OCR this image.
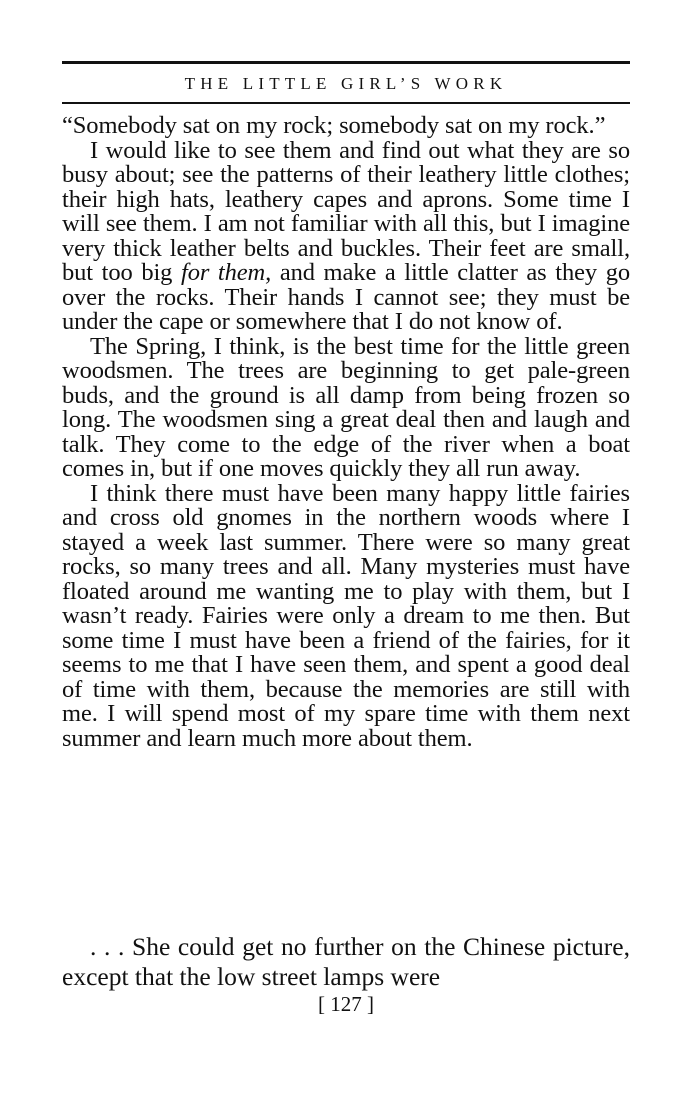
THE LITTLE GIRL’S WORK

“Somebody sat on my rock; somebody sat on my rock.”

I would like to see them and find out what they are so busy about; see the patterns of their leathery little clothes; their high hats, leathery capes and aprons. Some time I will see them. I am not familiar with all this, but I imagine very thick leather belts and buckles. Their feet are small, but too big for them, and make a little clatter as they go over the rocks. Their hands I cannot see; they must be under the cape or somewhere that I do not know of.

The Spring, I think, is the best time for the little green woodsmen. The trees are beginning to get pale-green buds, and the ground is all damp from being frozen so long. The woodsmen sing a great deal then and laugh and talk. They come to the edge of the river when a boat comes in, but if one moves quickly they all run away.

I think there must have been many happy little fairies and cross old gnomes in the northern woods where I stayed a week last summer. There were so many great rocks, so many trees and all. Many mysteries must have floated around me wanting me to play with them, but I wasn’t ready. Fairies were only a dream to me then. But some time I must have been a friend of the fairies, for it seems to me that I have seen them, and spent a good deal of time with them, because the memories are still with me. I will spend most of my spare time with them next summer and learn much more about them.

. . . She could get no further on the Chinese picture, except that the low street lamps were

[ 127 ]
